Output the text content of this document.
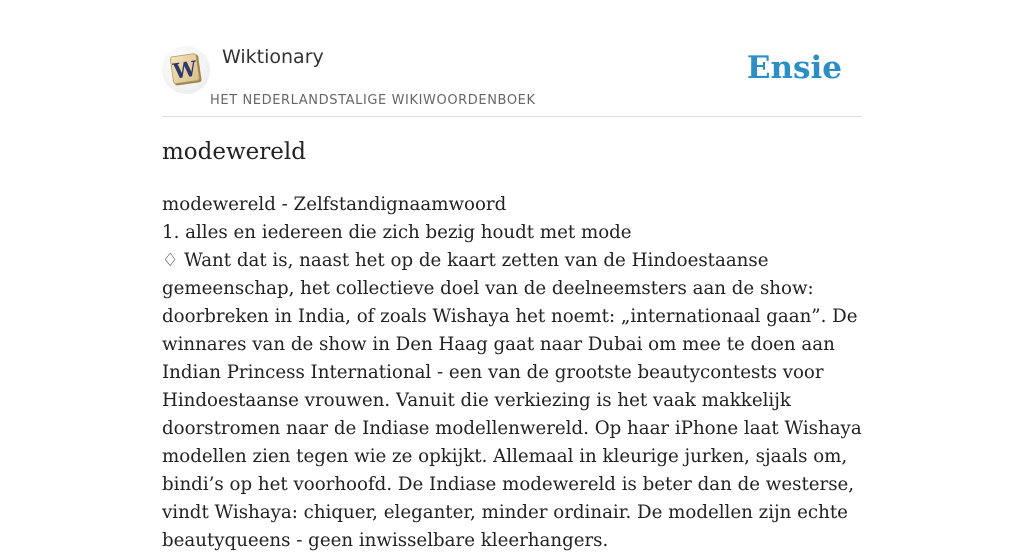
W Wiktionary
HET NEDERLANDSTALIGE WIKIWOORDENBOEK
Ensie
modewereld

modewereld - Zelfstandignaamwoord

1. alles en iedereen die zich bezig houdt met mode

♢ Want dat is, naast het op de kaart zetten van de Hindoestaanse gemeenschap, het collectieve doel van de deelneemsters aan de show: doorbreken in India, of zoals Wishaya het noemt: „internationaal gaan”. De winnares van de show in Den Haag gaat naar Dubai om mee te doen aan Indian Princess International - een van de grootste beautycontests voor Hindoestaanse vrouwen. Vanuit die verkiezing is het vaak makkelijk doorstromen naar de Indiase modellenwereld. Op haar iPhone laat Wishaya modellen zien tegen wie ze opkijkt. Allemaal in kleurige jurken, sjaals om, bindi’s op het voorhoofd. De Indiase modewereld is beter dan de westerse, vindt Wishaya: chiquer, eleganter, minder ordinair. De modellen zijn echte beautyqueens - geen inwisselbare kleerhangers.
